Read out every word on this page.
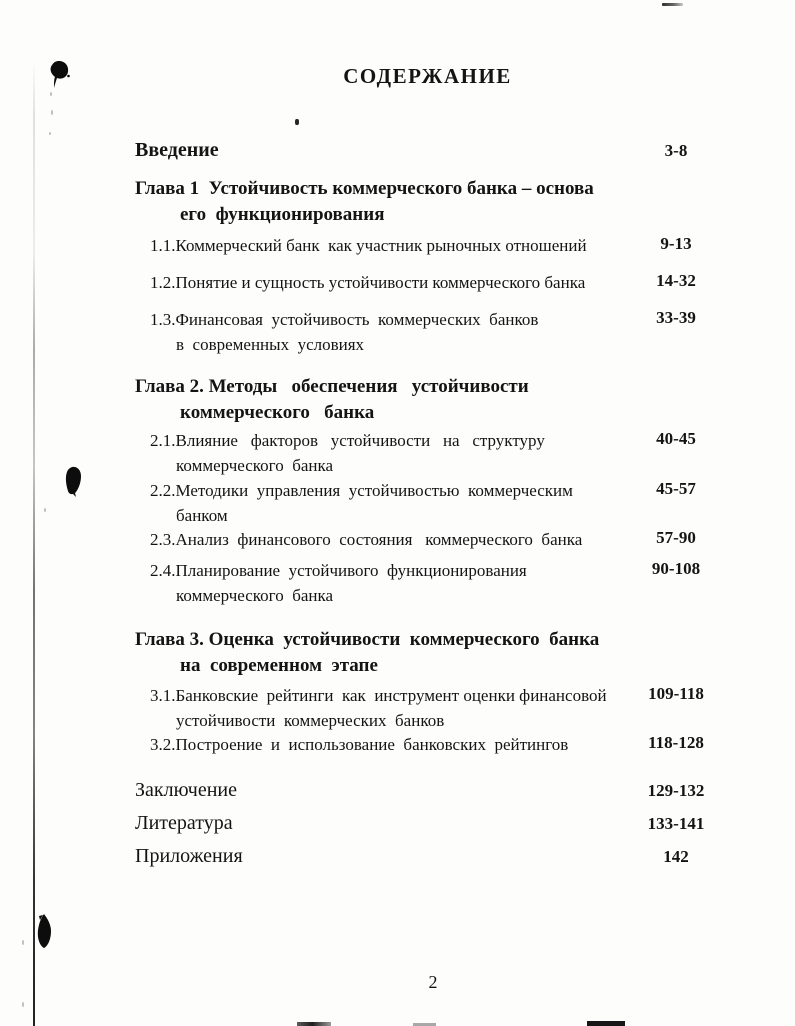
СОДЕРЖАНИЕ
Введение	3-8
Глава 1  Устойчивость коммерческого банка – основа
его  функционирования
1.1.Коммерческий банк  как участник рыночных отношений	9-13
1.2.Понятие и сущность устойчивости коммерческого банка	14-32
1.3.Финансовая  устойчивость  коммерческих  банков
в  современных  условиях
33-39
Глава 2. Методы   обеспечения   устойчивости
коммерческого   банка
2.1.Влияние   факторов   устойчивости   на   структуру
коммерческого  банка
40-45
2.2.Методики  управления  устойчивостью  коммерческим
банком
45-57
2.3.Анализ  финансового  состояния   коммерческого  банка	57-90
2.4.Планирование  устойчивого  функционирования
коммерческого  банка
90-108
Глава 3. Оценка  устойчивости  коммерческого  банка
на  современном  этапе
3.1.Банковские  рейтинги  как  инструмент оценки финансовой
устойчивости  коммерческих  банков
109-118
3.2.Построение  и  использование  банковских  рейтингов	118-128
Заключение	129-132
Литература	133-141
Приложения	142
2
